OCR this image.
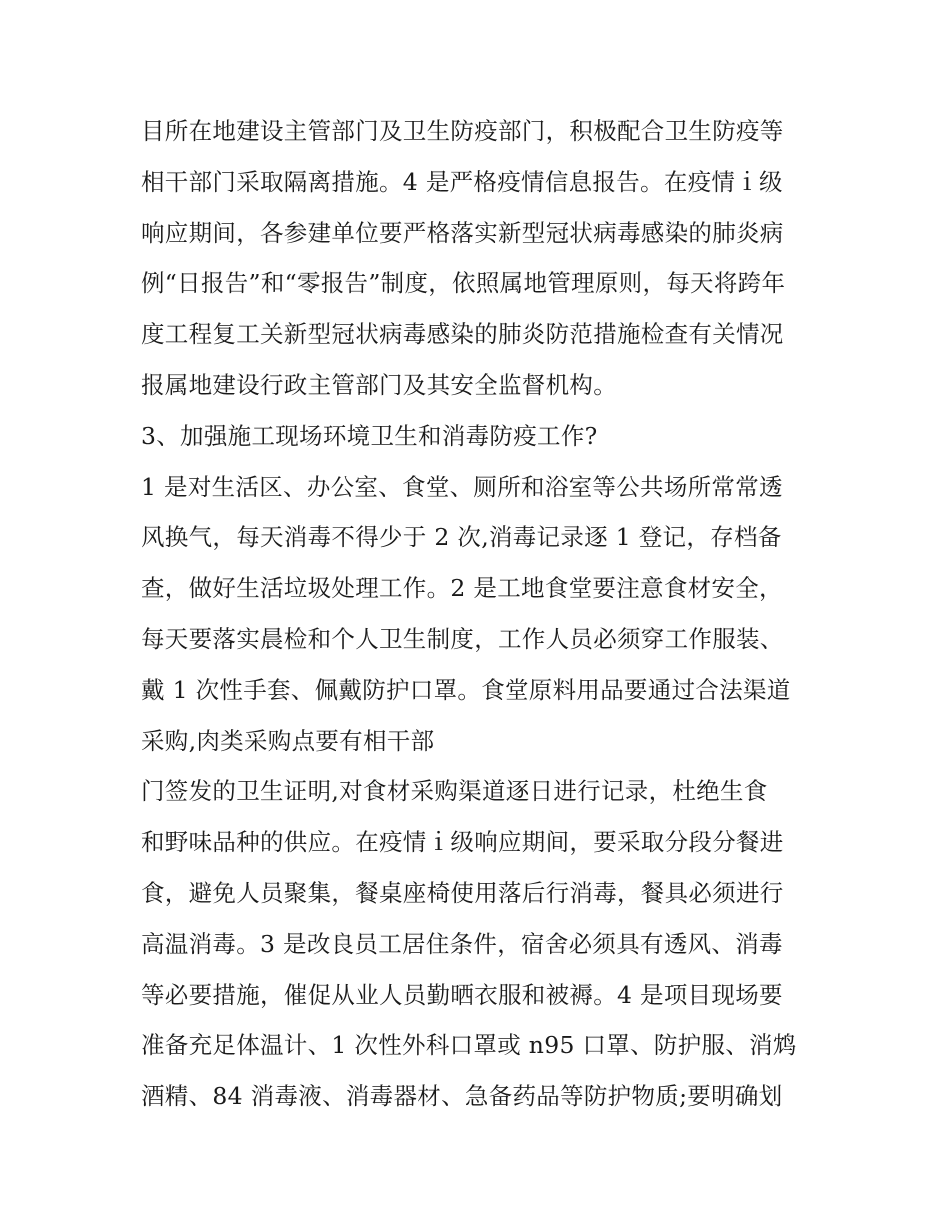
目所在地建设主管部门及卫生防疫部门，积极配合卫生防疫等
相干部门采取隔离措施。4 是严格疫情信息报告。在疫情ｉ级
响应期间，各参建单位要严格落实新型冠状病毒感染的肺炎病
例“日报告”和“零报告”制度，依照属地管理原则，每天将跨年
度工程复工关新型冠状病毒感染的肺炎防范措施检查有关情况
报属地建设行政主管部门及其安全监督机构。
3、加强施工现场环境卫生和消毒防疫工作?
1 是对生活区、办公室、食堂、厕所和浴室等公共场所常常透
风换气，每天消毒不得少于 2 次,消毒记录逐 1 登记，存档备
查，做好生活垃圾处理工作。2 是工地食堂要注意食材安全，
每天要落实晨检和个人卫生制度，工作人员必须穿工作服装、
戴 1 次性手套、佩戴防护口罩。食堂原料用品要通过合法渠道
采购,肉类采购点要有相干部
门签发的卫生证明,对食材采购渠道逐日进行记录，杜绝生食
和野味品种的供应。在疫情ｉ级响应期间，要采取分段分餐进
食，避免人员聚集，餐桌座椅使用落后行消毒，餐具必须进行
高温消毒。3 是改良员工居住条件，宿舍必须具有透风、消毒
等必要措施，催促从业人员勤晒衣服和被褥。4 是项目现场要
准备充足体温计、1 次性外科口罩或 n95 口罩、防护服、消鸩
酒精、84 消毒液、消毒器材、急备药品等防护物质;要明确划
